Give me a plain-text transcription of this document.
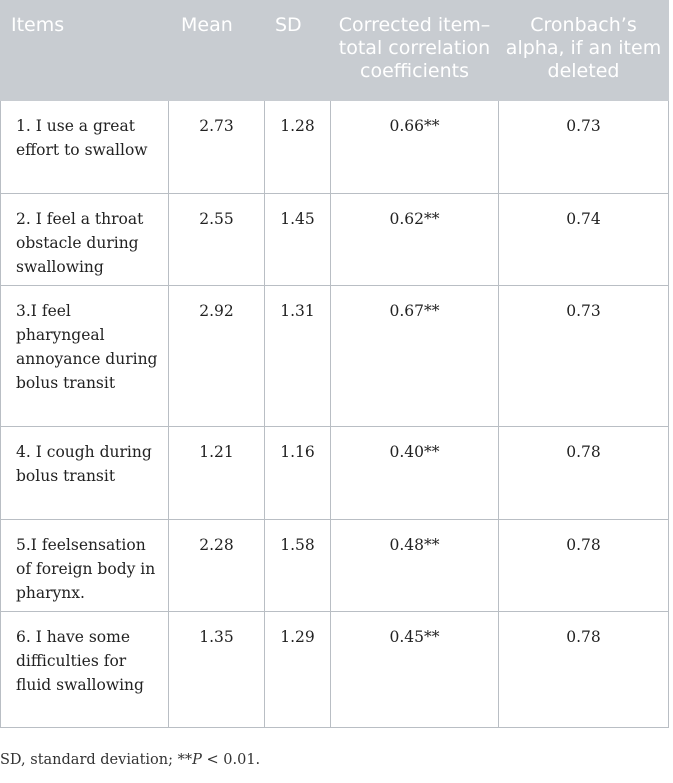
Items	Mean	SD	Corrected item–total correlation coefficients	Cronbach’s alpha, if an item deleted
1. I use a great effort to swallow	2.73	1.28	0.66**	0.73
2. I feel a throat obstacle during swallowing	2.55	1.45	0.62**	0.74
3.I feel pharyngeal annoyance during bolus transit	2.92	1.31	0.67**	0.73
4. I cough during bolus transit	1.21	1.16	0.40**	0.78
5.I feelsensation of foreign body in pharynx.	2.28	1.58	0.48**	0.78
6. I have some difficulties for fluid swallowing	1.35	1.29	0.45**	0.78
SD, standard deviation; **P < 0.01.
